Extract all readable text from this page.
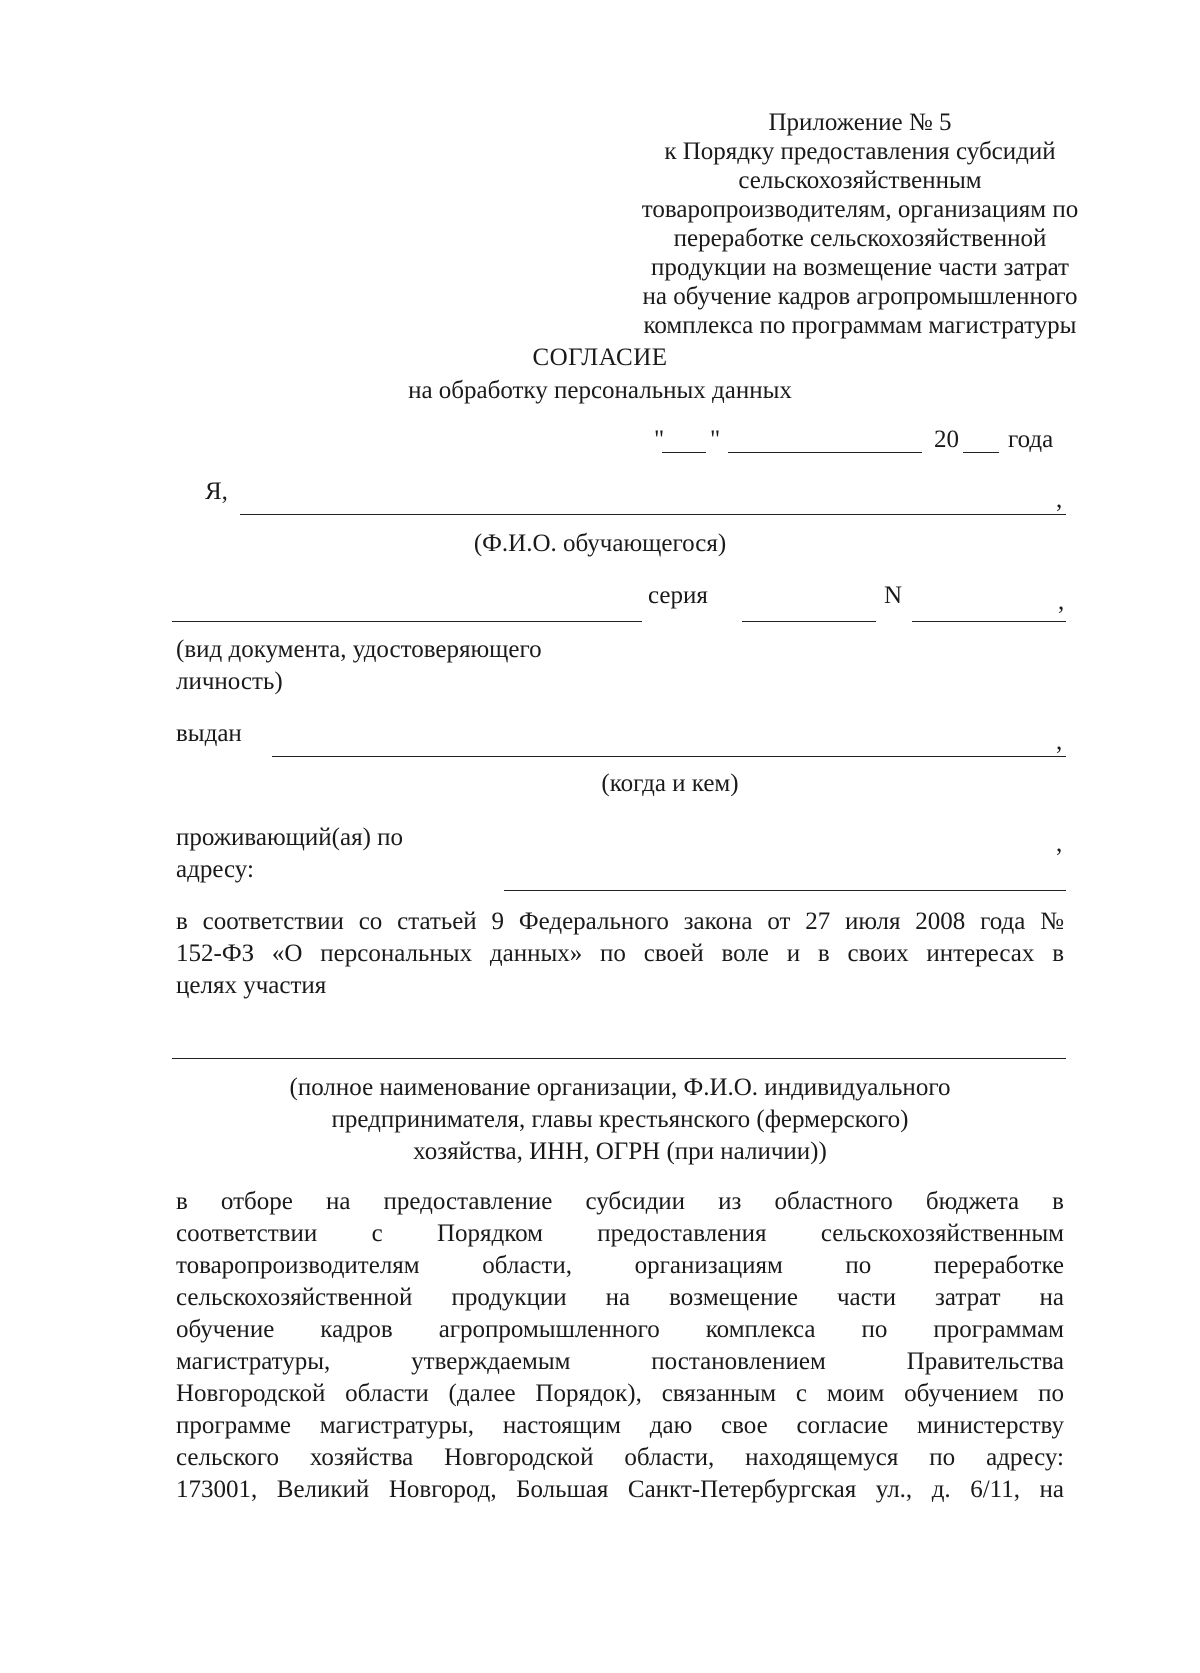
Приложение № 5
к Порядку предоставления субсидий
сельскохозяйственным
товаропроизводителям, организациям по
переработке сельскохозяйственной
продукции на возмещение части затрат
на обучение кадров агропромышленного
комплекса по программам магистратуры
СОГЛАСИЕ
на обработку персональных данных
" "	20 года
Я,	,
(Ф.И.О. обучающегося)
серия	N	,
(вид документа, удостоверяющего
личность)
выдан	,
(когда и кем)
проживающий(ая) по
адресу:
,
в соответствии со статьей 9 Федерального закона от 27 июля 2008 года №
152-ФЗ «О персональных данных» по своей воле и в своих интересах в
целях участия
(полное наименование организации, Ф.И.О. индивидуального
предпринимателя, главы крестьянского (фермерского)
хозяйства, ИНН, ОГРН (при наличии))
в отборе на предоставление субсидии из областного бюджета в
соответствии с Порядком предоставления сельскохозяйственным
товаропроизводителям области, организациям по переработке
сельскохозяйственной продукции на возмещение части затрат на
обучение кадров агропромышленного комплекса по программам
магистратуры, утверждаемым постановлением Правительства
Новгородской области (далее Порядок), связанным с моим обучением по
программе магистратуры, настоящим даю свое согласие министерству
сельского хозяйства Новгородской области, находящемуся по адресу:
173001, Великий Новгород, Большая Санкт-Петербургская ул., д. 6/11, на
